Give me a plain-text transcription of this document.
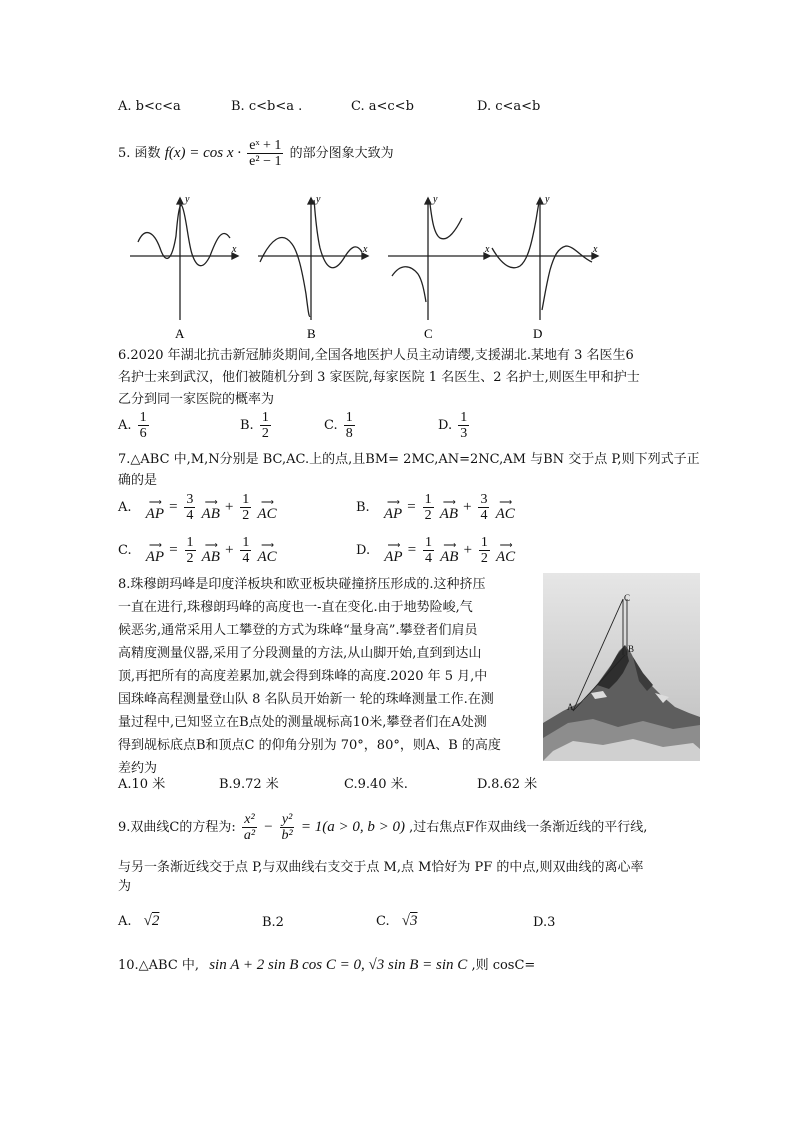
A. b<c<a	B. c<b<a .	C. a<c<b	D. c<a<b
5. 函数 $f(x) = \cos x \cdot \frac{\text{eˣ + 1}}{\text{e² − 1}}$ 的部分图象大致为
y
x
A
y
x
B
y
x
C
y
x
D
6.2020 年湖北抗击新冠肺炎期间,全国各地医护人员主动请缨,支援湖北.某地有 3 名医生6
名护士来到武汉，他们被随机分到 3 家医院,每家医院 1 名医生、2 名护士,则医生甲和护士
乙分到同一家医院的概率为
A. $\frac{1}{6}$	B. $\frac{1}{2}$	C. $\frac{1}{8}$	D. $\frac{1}{3}$
7.△ABC 中,M,N分别是 BC,AC.上的点,且BM= 2MC,AN=2NC,AM 与BN 交于点 P,则下列式子正
确的是
A. ⟶
AP = $\frac{3}{4}$
⟶
AB + $\frac{1}{2}$
⟶
AC	B. ⟶
AP = $\frac{1}{2}$
⟶
AB + $\frac{3}{4}$
⟶
AC
C. ⟶
AP = $\frac{1}{2}$
⟶
AB + $\frac{1}{4}$
⟶
AC	D. ⟶
AP = $\frac{1}{4}$
⟶
AB + $\frac{1}{2}$
⟶
AC
8.珠穆朗玛峰是印度洋板块和欧亚板块碰撞挤压形成的.这种挤压
一直在进行,珠穆朗玛峰的高度也一-直在变化.由于地势险峻,气
候恶劣,通常采用人工攀登的方式为珠峰“量身高”.攀登者们肩员
高精度测量仪器,采用了分段测量的方法,从山脚开始,直到到达山
顶,再把所有的高度差累加,就会得到珠峰的高度.2020 年 5 月,中
国珠峰高程测量登山队 8 名队员开始新一 轮的珠峰测量工作.在测
量过程中,已知竖立在B点处的测量觇标高10米,攀登者们在A处测
得到觇标底点B和顶点C 的仰角分别为 70°，80°，则A、B 的高度
差约为
C
B
A
A.10 米	B.9.72 米	C.9.40 米.	D.8.62 米
9.双曲线C的方程为: $\frac{\text{x²}}{\text{a²}} - \frac{\text{y²}}{\text{b²}} = 1(a > 0$, b > 0) ,过右焦点F作双曲线一条渐近线的平行线,
与另一条渐近线交于点 P,与双曲线右支交于点 M,点 M恰好为 PF 的中点,则双曲线的离心率
为
A. √2	B.2	C. √3	D.3
10.△ABC 中, sin A + 2 sin B cos C = 0, √3 sin B = sin C ,则 cosC=
